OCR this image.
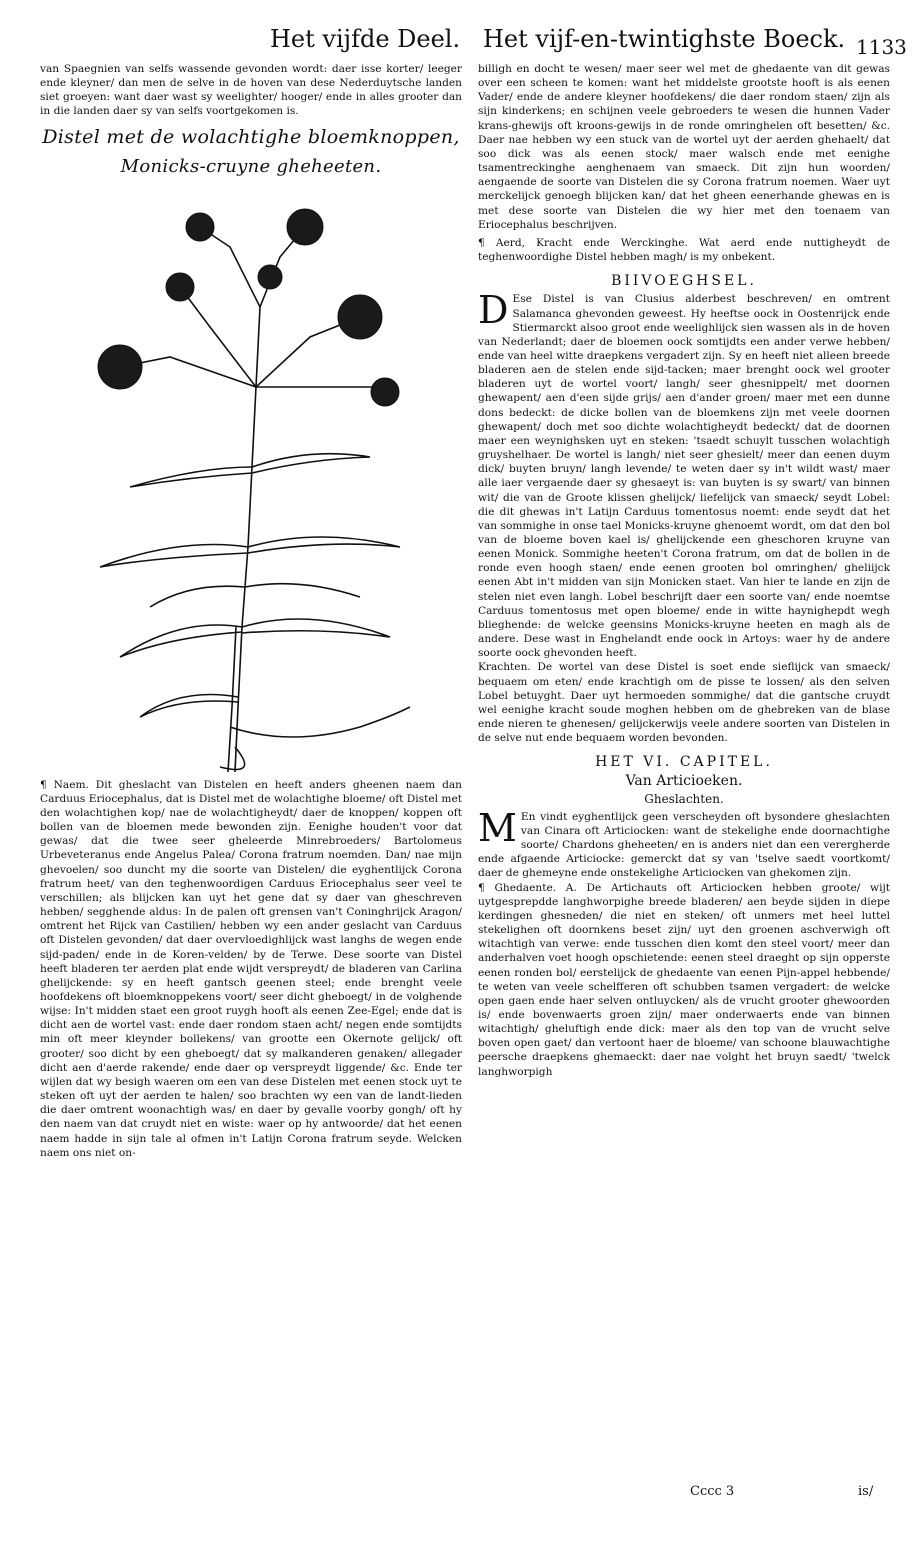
Het vijfde Deel. Het vijf-en-twintighste Boeck. 1133

van Spaegnien van selfs wassende gevonden wordt: daer isse korter/ leeger ende kleyner/ dan men de selve in de hoven van dese Nederduytsche landen siet groeyen: want daer wast sy weelighter/ hooger/ ende in alles grooter dan in die landen daer sy van selfs voortgekomen is.

Distel met de wolachtighe bloemknoppen,
Monicks-cruyne gheheeten.

¶ Naem. Dit gheslacht van Distelen en heeft anders gheenen naem dan Carduus Eriocephalus, dat is Distel met de wolachtighe bloeme/ oft Distel met den wolachtighen kop/ nae de wolachtigheydt/ daer de knoppen/ koppen oft bollen van de bloemen mede bewonden zijn. Eenighe houden't voor dat gewas/ dat die twee seer gheleerde Minrebroeders/ Bartolomeus Urbeveteranus ende Angelus Palea/ Corona fratrum noemden. Dan/ nae mijn ghevoelen/ soo duncht my die soorte van Distelen/ die eyghentlijck Corona fratrum heet/ van den teghenwoordigen Carduus Eriocephalus seer veel te verschillen; als blijcken kan uyt het gene dat sy daer van gheschreven hebben/ segghende aldus: In de palen oft grensen van't Coninghrijck Aragon/ omtrent het Rijck van Castilien/ hebben wy een ander geslacht van Carduus oft Distelen gevonden/ dat daer overvloedighlijck wast langhs de wegen ende sijd-paden/ ende in de Koren-velden/ by de Terwe. Dese soorte van Distel heeft bladeren ter aerden plat ende wijdt verspreydt/ de bladeren van Carlina ghelijckende: sy en heeft gantsch geenen steel; ende brenght veele hoofdekens oft bloemknoppekens voort/ seer dicht gheboegt/ in de volghende wijse: In't midden staet een groot ruygh hooft als eenen Zee-Egel; ende dat is dicht aen de wortel vast: ende daer rondom staen acht/ negen ende somtijdts min oft meer kleynder bollekens/ van grootte een Okernote gelijck/ oft grooter/ soo dicht by een gheboegt/ dat sy malkanderen genaken/ allegader dicht aen d'aerde rakende/ ende daer op verspreydt liggende/ &c. Ende ter wijlen dat wy besigh waeren om een van dese Distelen met eenen stock uyt te steken oft uyt der aerden te halen/ soo brachten wy een van de landt-lieden die daer omtrent woonachtigh was/ en daer by gevalle voorby gongh/ oft hy den naem van dat cruydt niet en wiste: waer op hy antwoorde/ dat het eenen naem hadde in sijn tale al ofmen in't Latijn Corona fratrum seyde. Welcken naem ons niet on-

billigh en docht te wesen/ maer seer wel met de ghedaente van dit gewas over een scheen te komen: want het middelste grootste hooft is als eenen Vader/ ende de andere kleyner hoofdekens/ die daer rondom staen/ zijn als sijn kinderkens; en schijnen veele gebroeders te wesen die hunnen Vader krans-ghewijs oft kroons-gewijs in de ronde omringhelen oft besetten/ &c. Daer nae hebben wy een stuck van de wortel uyt der aerden ghehaelt/ dat soo dick was als eenen stock/ maer walsch ende met eenighe tsamentreckinghe aenghenaem van smaeck. Dit zijn hun woorden/ aengaende de soorte van Distelen die sy Corona fratrum noemen. Waer uyt merckelijck genoegh blijcken kan/ dat het gheen eenerhande ghewas en is met dese soorte van Distelen die wy hier met den toenaem van Eriocephalus beschrijven.

¶ Aerd, Kracht ende Werckinghe. Wat aerd ende nuttigheydt de teghenwoordighe Distel hebben magh/ is my onbekent.

BIIVOEGHSEL.

D Ese Distel is van Clusius alderbest beschreven/ en omtrent Salamanca ghevonden geweest. Hy heeftse oock in Oostenrijck ende Stiermarckt alsoo groot ende weelighlijck sien wassen als in de hoven van Nederlandt; daer de bloemen oock somtijdts een ander verwe hebben/ ende van heel witte draepkens vergadert zijn. Sy en heeft niet alleen breede bladeren aen de stelen ende sijd-tacken; maer brenght oock wel grooter bladeren uyt de wortel voort/ langh/ seer ghesnippelt/ met doornen ghewapent/ aen d'een sijde grijs/ aen d'ander groen/ maer met een dunne dons bedeckt: de dicke bollen van de bloemkens zijn met veele doornen ghewapent/ doch met soo dichte wolachtigheydt bedeckt/ dat de doornen maer een weynighsken uyt en steken: 'tsaedt schuylt tusschen wolachtigh gruyshelhaer. De wortel is langh/ niet seer ghesielt/ meer dan eenen duym dick/ buyten bruyn/ langh levende/ te weten daer sy in't wildt wast/ maer alle iaer vergaende daer sy ghesaeyt is: van buyten is sy swart/ van binnen wit/ die van de Groote klissen ghelijck/ liefelijck van smaeck/ seydt Lobel: die dit ghewas in't Latijn Carduus tomentosus noemt: ende seydt dat het van sommighe in onse tael Monicks-kruyne ghenoemt wordt, om dat den bol van de bloeme boven kael is/ ghelijckende een gheschoren kruyne van eenen Monick. Sommighe heeten't Corona fratrum, om dat de bollen in de ronde even hoogh staen/ ende eenen grooten bol omringhen/ gheliijck eenen Abt in't midden van sijn Monicken staet. Van hier te lande en zijn de stelen niet even langh. Lobel beschrijft daer een soorte van/ ende noemtse Carduus tomentosus met open bloeme/ ende in witte haynighepdt wegh blieghende: de welcke geensins Monicks-kruyne heeten en magh als de andere. Dese wast in Enghelandt ende oock in Artoys: waer hy de andere soorte oock ghevonden heeft.

Krachten. De wortel van dese Distel is soet ende sieflijck van smaeck/ bequaem om eten/ ende krachtigh om de pisse te lossen/ als den selven Lobel betuyght. Daer uyt hermoeden sommighe/ dat die gantsche cruydt wel eenighe kracht soude moghen hebben om de ghebreken van de blase ende nieren te ghenesen/ gelijckerwijs veele andere soorten van Distelen in de selve nut ende bequaem worden bevonden.

HET VI. CAPITEL.
Van Articioeken.
Gheslachten.

M En vindt eyghentlijck geen verscheyden oft bysondere gheslachten van Cinara oft Articiocken: want de stekelighe ende doornachtighe soorte/ Chardons gheheeten/ en is anders niet dan een verergherde ende afgaende Articiocke: gemerckt dat sy van 'tselve saedt voortkomt/ daer de ghemeyne ende onstekelighe Articiocken van ghekomen zijn.

¶ Ghedaente. A. De Artichauts oft Articiocken hebben groote/ wijt uytgesprepdde langhworpighe breede bladeren/ aen beyde sijden in diepe kerdingen ghesneden/ die niet en steken/ oft unmers met heel luttel stekelighen oft doornkens beset zijn/ uyt den groenen aschverwigh oft witachtigh van verwe: ende tusschen dien komt den steel voort/ meer dan anderhalven voet hoogh opschietende: eenen steel draeght op sijn opperste eenen ronden bol/ eerstelijck de ghedaente van eenen Pijn-appel hebbende/ te weten van veele schelfferen oft schubben tsamen vergadert: de welcke open gaen ende haer selven ontluycken/ als de vrucht grooter ghewoorden is/ ende bovenwaerts groen zijn/ maer onderwaerts ende van binnen witachtigh/ gheluftigh ende dick: maer als den top van de vrucht selve boven open gaet/ dan vertoont haer de bloeme/ van schoone blauwachtighe peersche draepkens ghemaeckt: daer nae volght het bruyn saedt/ 'twelck langhworpigh

Cccc 3	is/
